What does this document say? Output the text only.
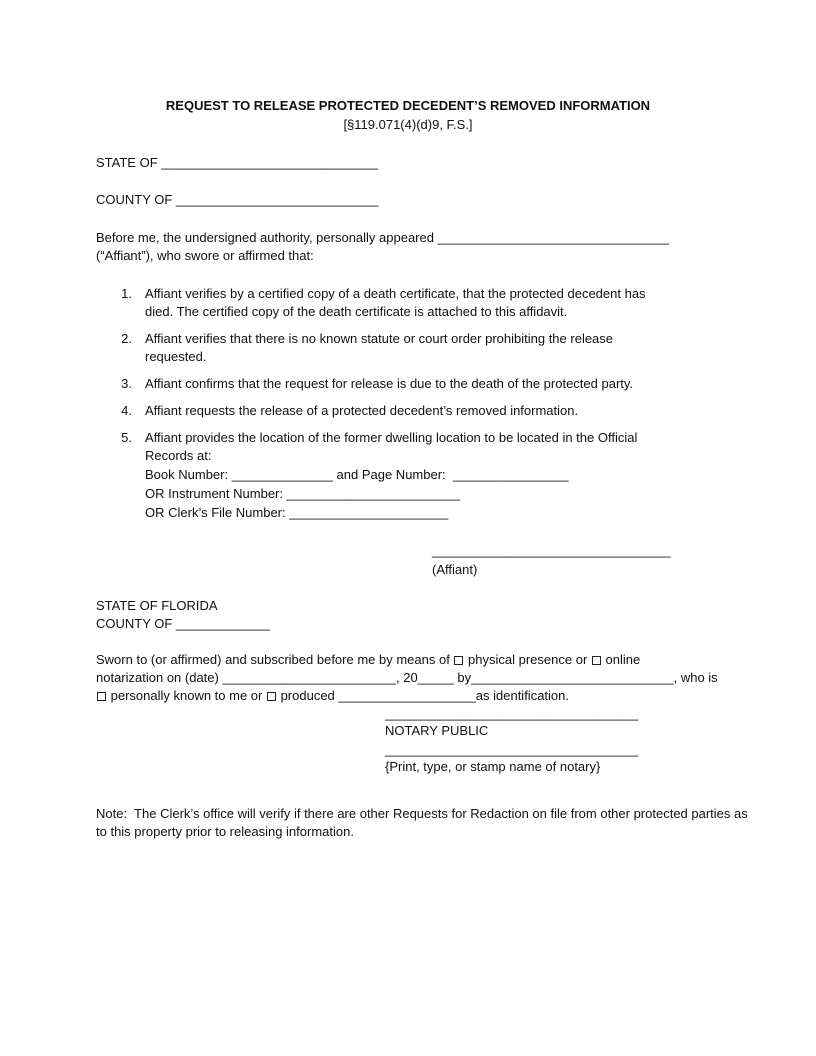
REQUEST TO RELEASE PROTECTED DECEDENT’S REMOVED INFORMATION
[§119.071(4)(d)9, F.S.]
STATE OF ______________________________
COUNTY OF ____________________________
Before me, the undersigned authority, personally appeared ________________________________
(“Affiant”), who swore or affirmed that:
1. Affiant verifies by a certified copy of a death certificate, that the protected decedent has
died. The certified copy of the death certificate is attached to this affidavit.
2. Affiant verifies that there is no known statute or court order prohibiting the release
requested.
3. Affiant confirms that the request for release is due to the death of the protected party.
4. Affiant requests the release of a protected decedent’s removed information.
5. Affiant provides the location of the former dwelling location to be located in the Official
Records at:
Book Number: ______________ and Page Number:  ________________
OR Instrument Number: ________________________
OR Clerk’s File Number: ______________________
_________________________________
(Affiant)
STATE OF FLORIDA
COUNTY OF _____________
Sworn to (or affirmed) and subscribed before me by means of  physical presence or  online
notarization on (date) ________________________, 20_____ by____________________________, who is
personally known to me or  produced ___________________as identification.
___________________________________
NOTARY PUBLIC
___________________________________
{Print, type, or stamp name of notary}
Note:  The Clerk’s office will verify if there are other Requests for Redaction on file from other protected parties as
to this property prior to releasing information.
